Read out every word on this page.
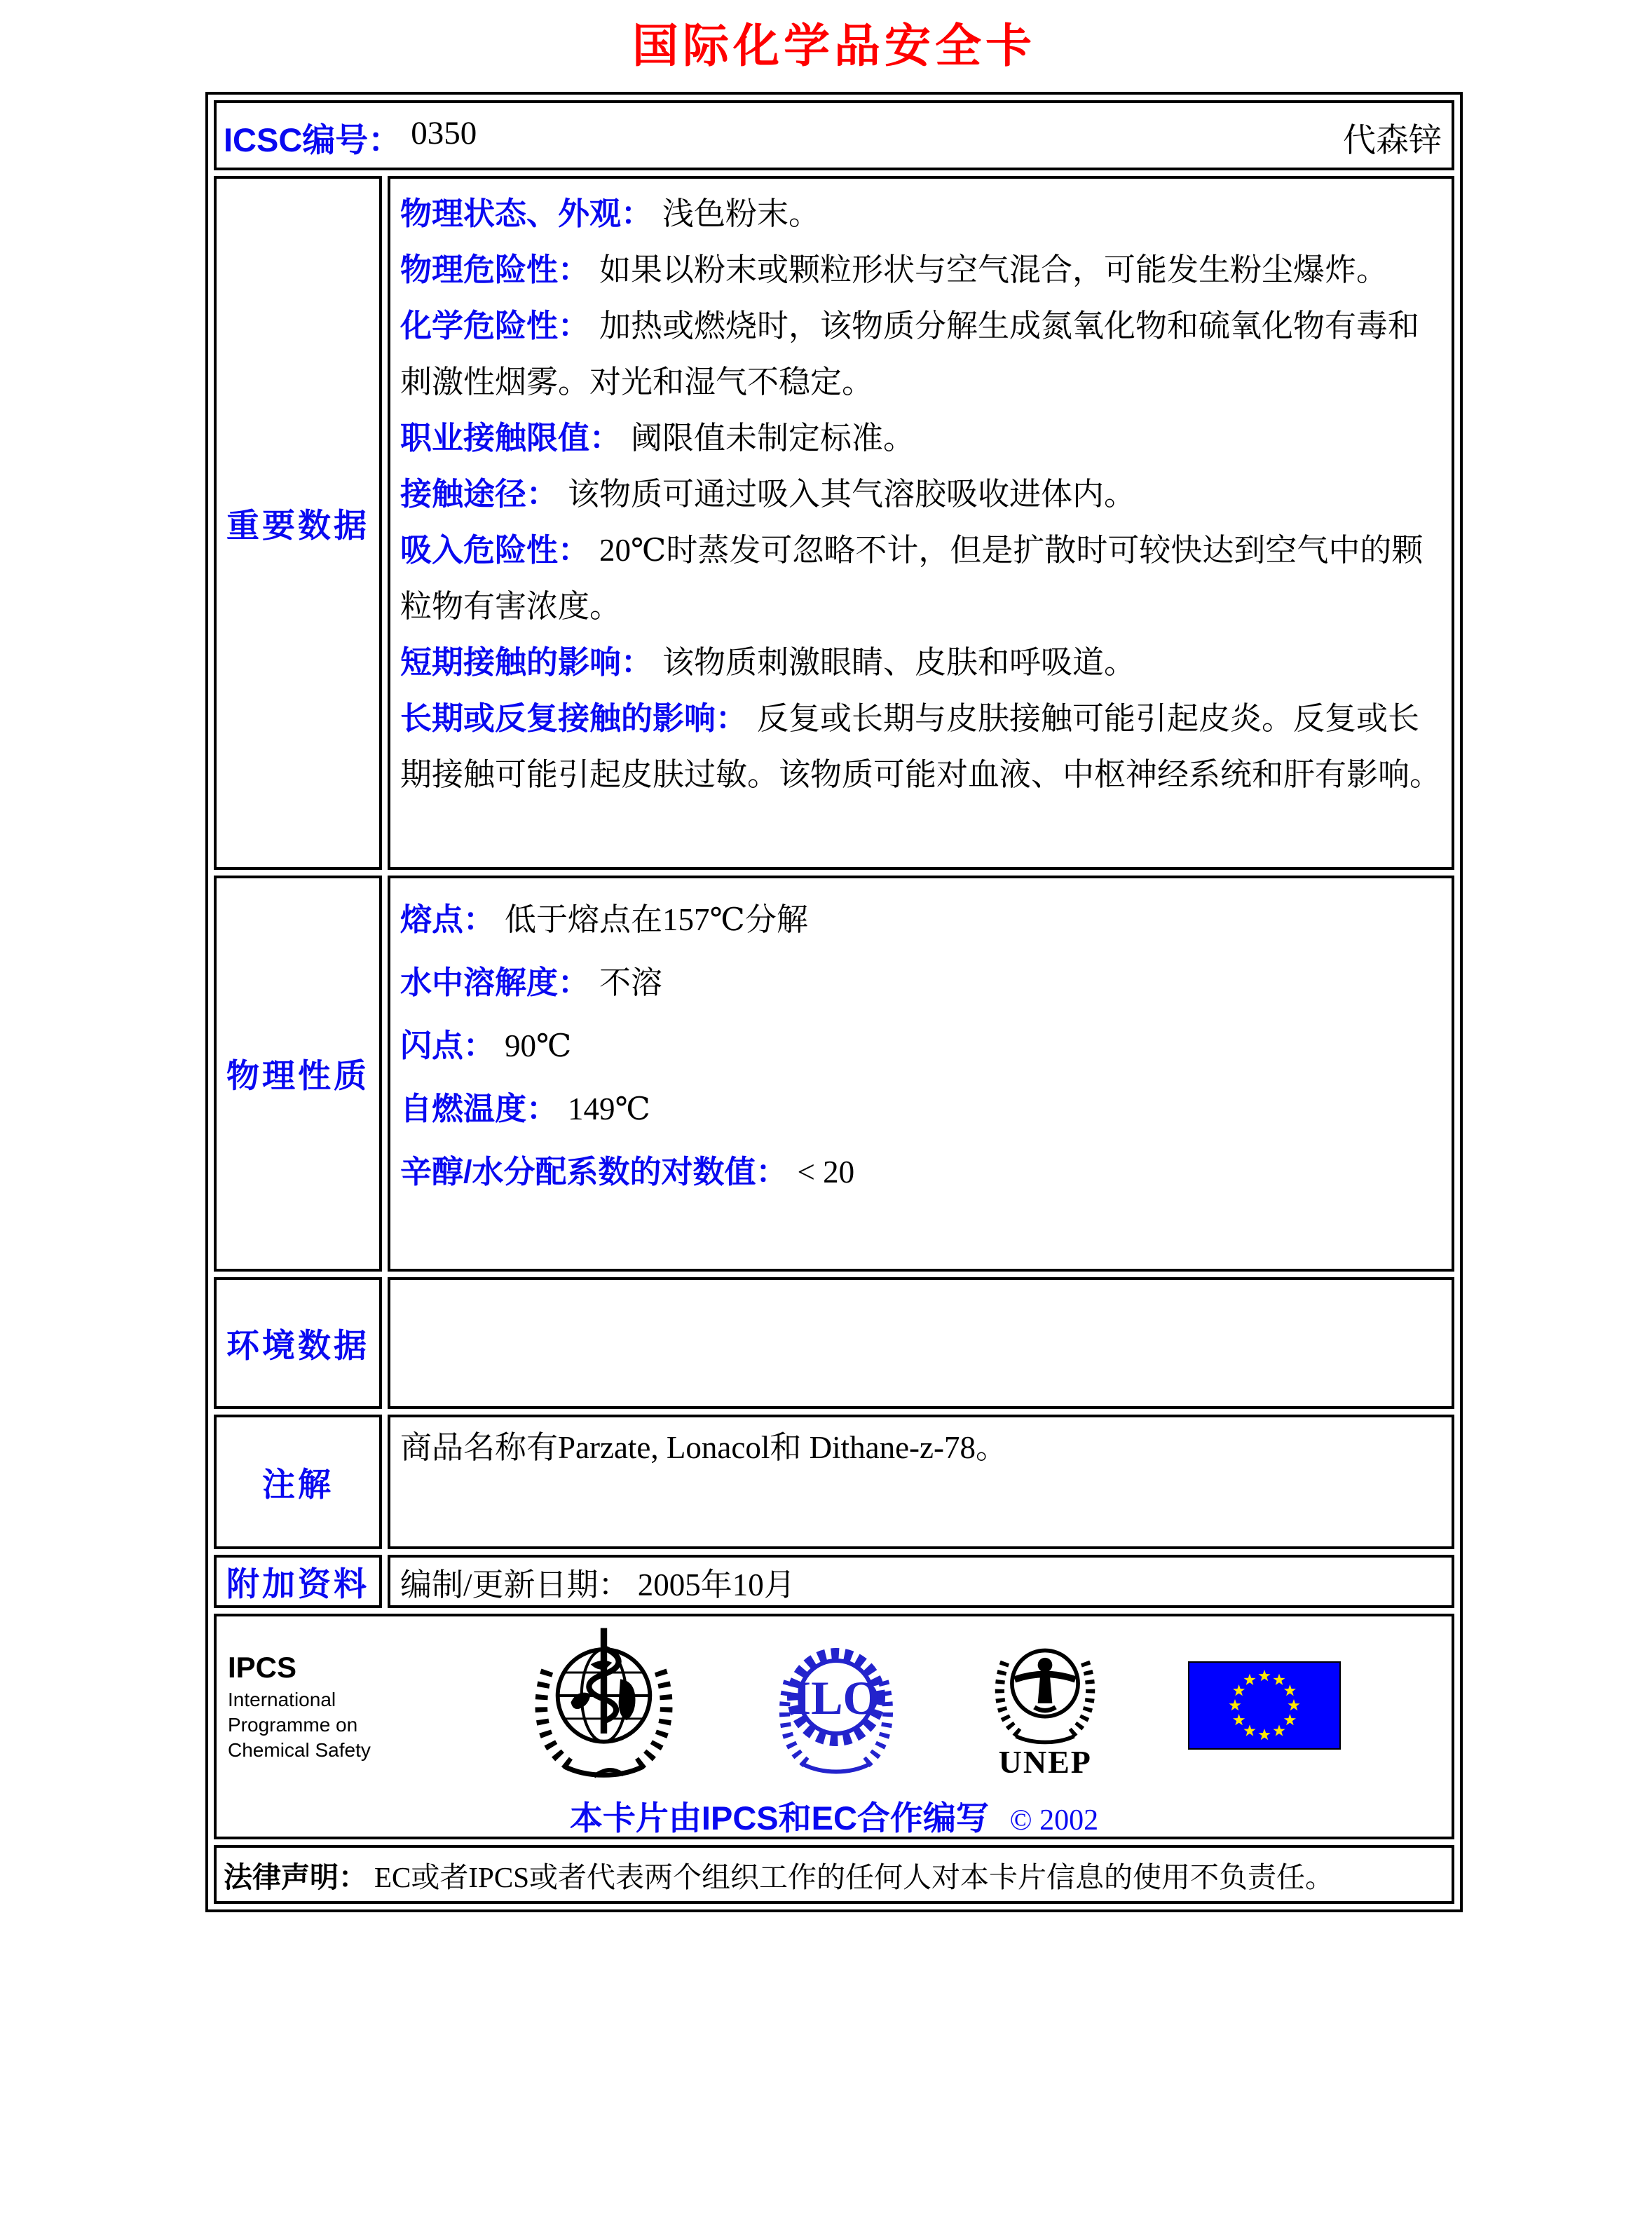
国际化学品安全卡
ICSC编号： 0350	代森锌
重要数据
物理状态、外观： 浅色粉末。
物理危险性： 如果以粉末或颗粒形状与空气混合，可能发生粉尘爆炸。
化学危险性： 加热或燃烧时，该物质分解生成氮氧化物和硫氧化物有毒和刺激性烟雾。对光和湿气不稳定。
职业接触限值： 阈限值未制定标准。
接触途径： 该物质可通过吸入其气溶胶吸收进体内。
吸入危险性： 20℃时蒸发可忽略不计，但是扩散时可较快达到空气中的颗粒物有害浓度。
短期接触的影响： 该物质刺激眼睛、皮肤和呼吸道。
长期或反复接触的影响： 反复或长期与皮肤接触可能引起皮炎。反复或长期接触可能引起皮肤过敏。该物质可能对血液、中枢神经系统和肝有影响。
物理性质
熔点： 低于熔点在157℃分解
水中溶解度： 不溶
闪点： 90℃
自燃温度： 149℃
辛醇/水分配系数的对数值： < 20
环境数据
注解
商品名称有Parzate, Lonacol和 Dithane-z-78。
附加资料 编制/更新日期： 2005年10月
IPCS
International
Programme on
Chemical Safety
ILO
UNEP
本卡片由IPCS和EC合作编写 © 2002
法律声明： EC或者IPCS或者代表两个组织工作的任何人对本卡片信息的使用不负责任。
